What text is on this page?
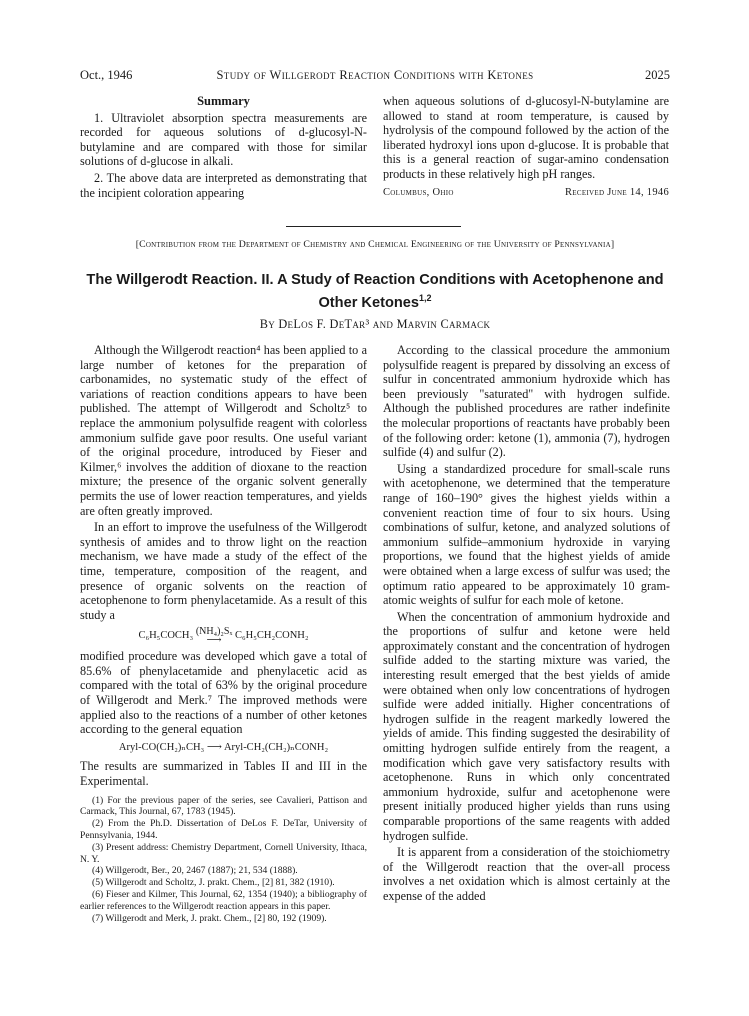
Oct., 1946	Study of Willgerodt Reaction Conditions with Ketones	2025
Summary

1. Ultraviolet absorption spectra measurements are recorded for aqueous solutions of d-glucosyl-N-butylamine and are compared with those for similar solutions of d-glucose in alkali.

2. The above data are interpreted as demonstrating that the incipient coloration appearing

when aqueous solutions of d-glucosyl-N-butylamine are allowed to stand at room temperature, is caused by hydrolysis of the compound followed by the action of the liberated hydroxyl ions upon d-glucose. It is probable that this is a general reaction of sugar-amino condensation products in these relatively high pH ranges.

Columbus, Ohio	Received June 14, 1946
[Contribution from the Department of Chemistry and Chemical Engineering of the University of Pennsylvania]
The Willgerodt Reaction. II. A Study of Reaction Conditions with Acetophenone and Other Ketones$^{1,2}$
By DeLos F. DeTar³ and Marvin Carmack

Although the Willgerodt reaction⁴ has been applied to a large number of ketones for the preparation of carbonamides, no systematic study of the effect of variations of reaction conditions appears to have been published. The attempt of Willgerodt and Scholtz⁵ to replace the ammonium polysulfide reagent with colorless ammonium sulfide gave poor results. One useful variant of the original procedure, introduced by Fieser and Kilmer,⁶ involves the addition of dioxane to the reaction mixture; the presence of the organic solvent generally permits the use of lower reaction temperatures, and yields are often greatly improved.

In an effort to improve the usefulness of the Willgerodt synthesis of amides and to throw light on the reaction mechanism, we have made a study of the effect of the time, temperature, composition of the reagent, and presence of organic solvents on the reaction of acetophenone to form phenylacetamide. As a result of this study a

C₆H₅COCH₃ (NH₄)₂Sₓ
⟶	C₆H₅CH₂CONH₂

modified procedure was developed which gave a total of 85.6% of phenylacetamide and phenylacetic acid as compared with the total of 63% by the original procedure of Willgerodt and Merk.⁷ The improved methods were applied also to the reactions of a number of other ketones according to the general equation

Aryl-CO(CH₂)ₙCH₃ ⟶ Aryl-CH₂(CH₂)ₙCONH₂

The results are summarized in Tables II and III in the Experimental.

(1) For the previous paper of the series, see Cavalieri, Pattison and Carmack, This Journal, 67, 1783 (1945).
(2) From the Ph.D. Dissertation of DeLos F. DeTar, University of Pennsylvania, 1944.
(3) Present address: Chemistry Department, Cornell University, Ithaca, N. Y.
(4) Willgerodt, Ber., 20, 2467 (1887); 21, 534 (1888).
(5) Willgerodt and Scholtz, J. prakt. Chem., [2] 81, 382 (1910).
(6) Fieser and Kilmer, This Journal, 62, 1354 (1940); a bibliography of earlier references to the Willgerodt reaction appears in this paper.
(7) Willgerodt and Merk, J. prakt. Chem., [2] 80, 192 (1909).

According to the classical procedure the ammonium polysulfide reagent is prepared by dissolving an excess of sulfur in concentrated ammonium hydroxide which has been previously "saturated" with hydrogen sulfide. Although the published procedures are rather indefinite the molecular proportions of reactants have probably been of the following order: ketone (1), ammonia (7), hydrogen sulfide (4) and sulfur (2).

Using a standardized procedure for small-scale runs with acetophenone, we determined that the temperature range of 160–190° gives the highest yields within a convenient reaction time of four to six hours. Using combinations of sulfur, ketone, and analyzed solutions of ammonium sulfide–ammonium hydroxide in varying proportions, we found that the highest yields of amide were obtained when a large excess of sulfur was used; the optimum ratio appeared to be approximately 10 gram-atomic weights of sulfur for each mole of ketone.

When the concentration of ammonium hydroxide and the proportions of sulfur and ketone were held approximately constant and the concentration of hydrogen sulfide added to the starting mixture was varied, the interesting result emerged that the best yields of amide were obtained when only low concentrations of hydrogen sulfide were added initially. Higher concentrations of hydrogen sulfide in the reagent markedly lowered the yields of amide. This finding suggested the desirability of omitting hydrogen sulfide entirely from the reagent, a modification which gave very satisfactory results with acetophenone. Runs in which only concentrated ammonium hydroxide, sulfur and acetophenone were present initially produced higher yields than runs using comparable proportions of the same reagents with added hydrogen sulfide.

It is apparent from a consideration of the stoichiometry of the Willgerodt reaction that the over-all process involves a net oxidation which is almost certainly at the expense of the added
